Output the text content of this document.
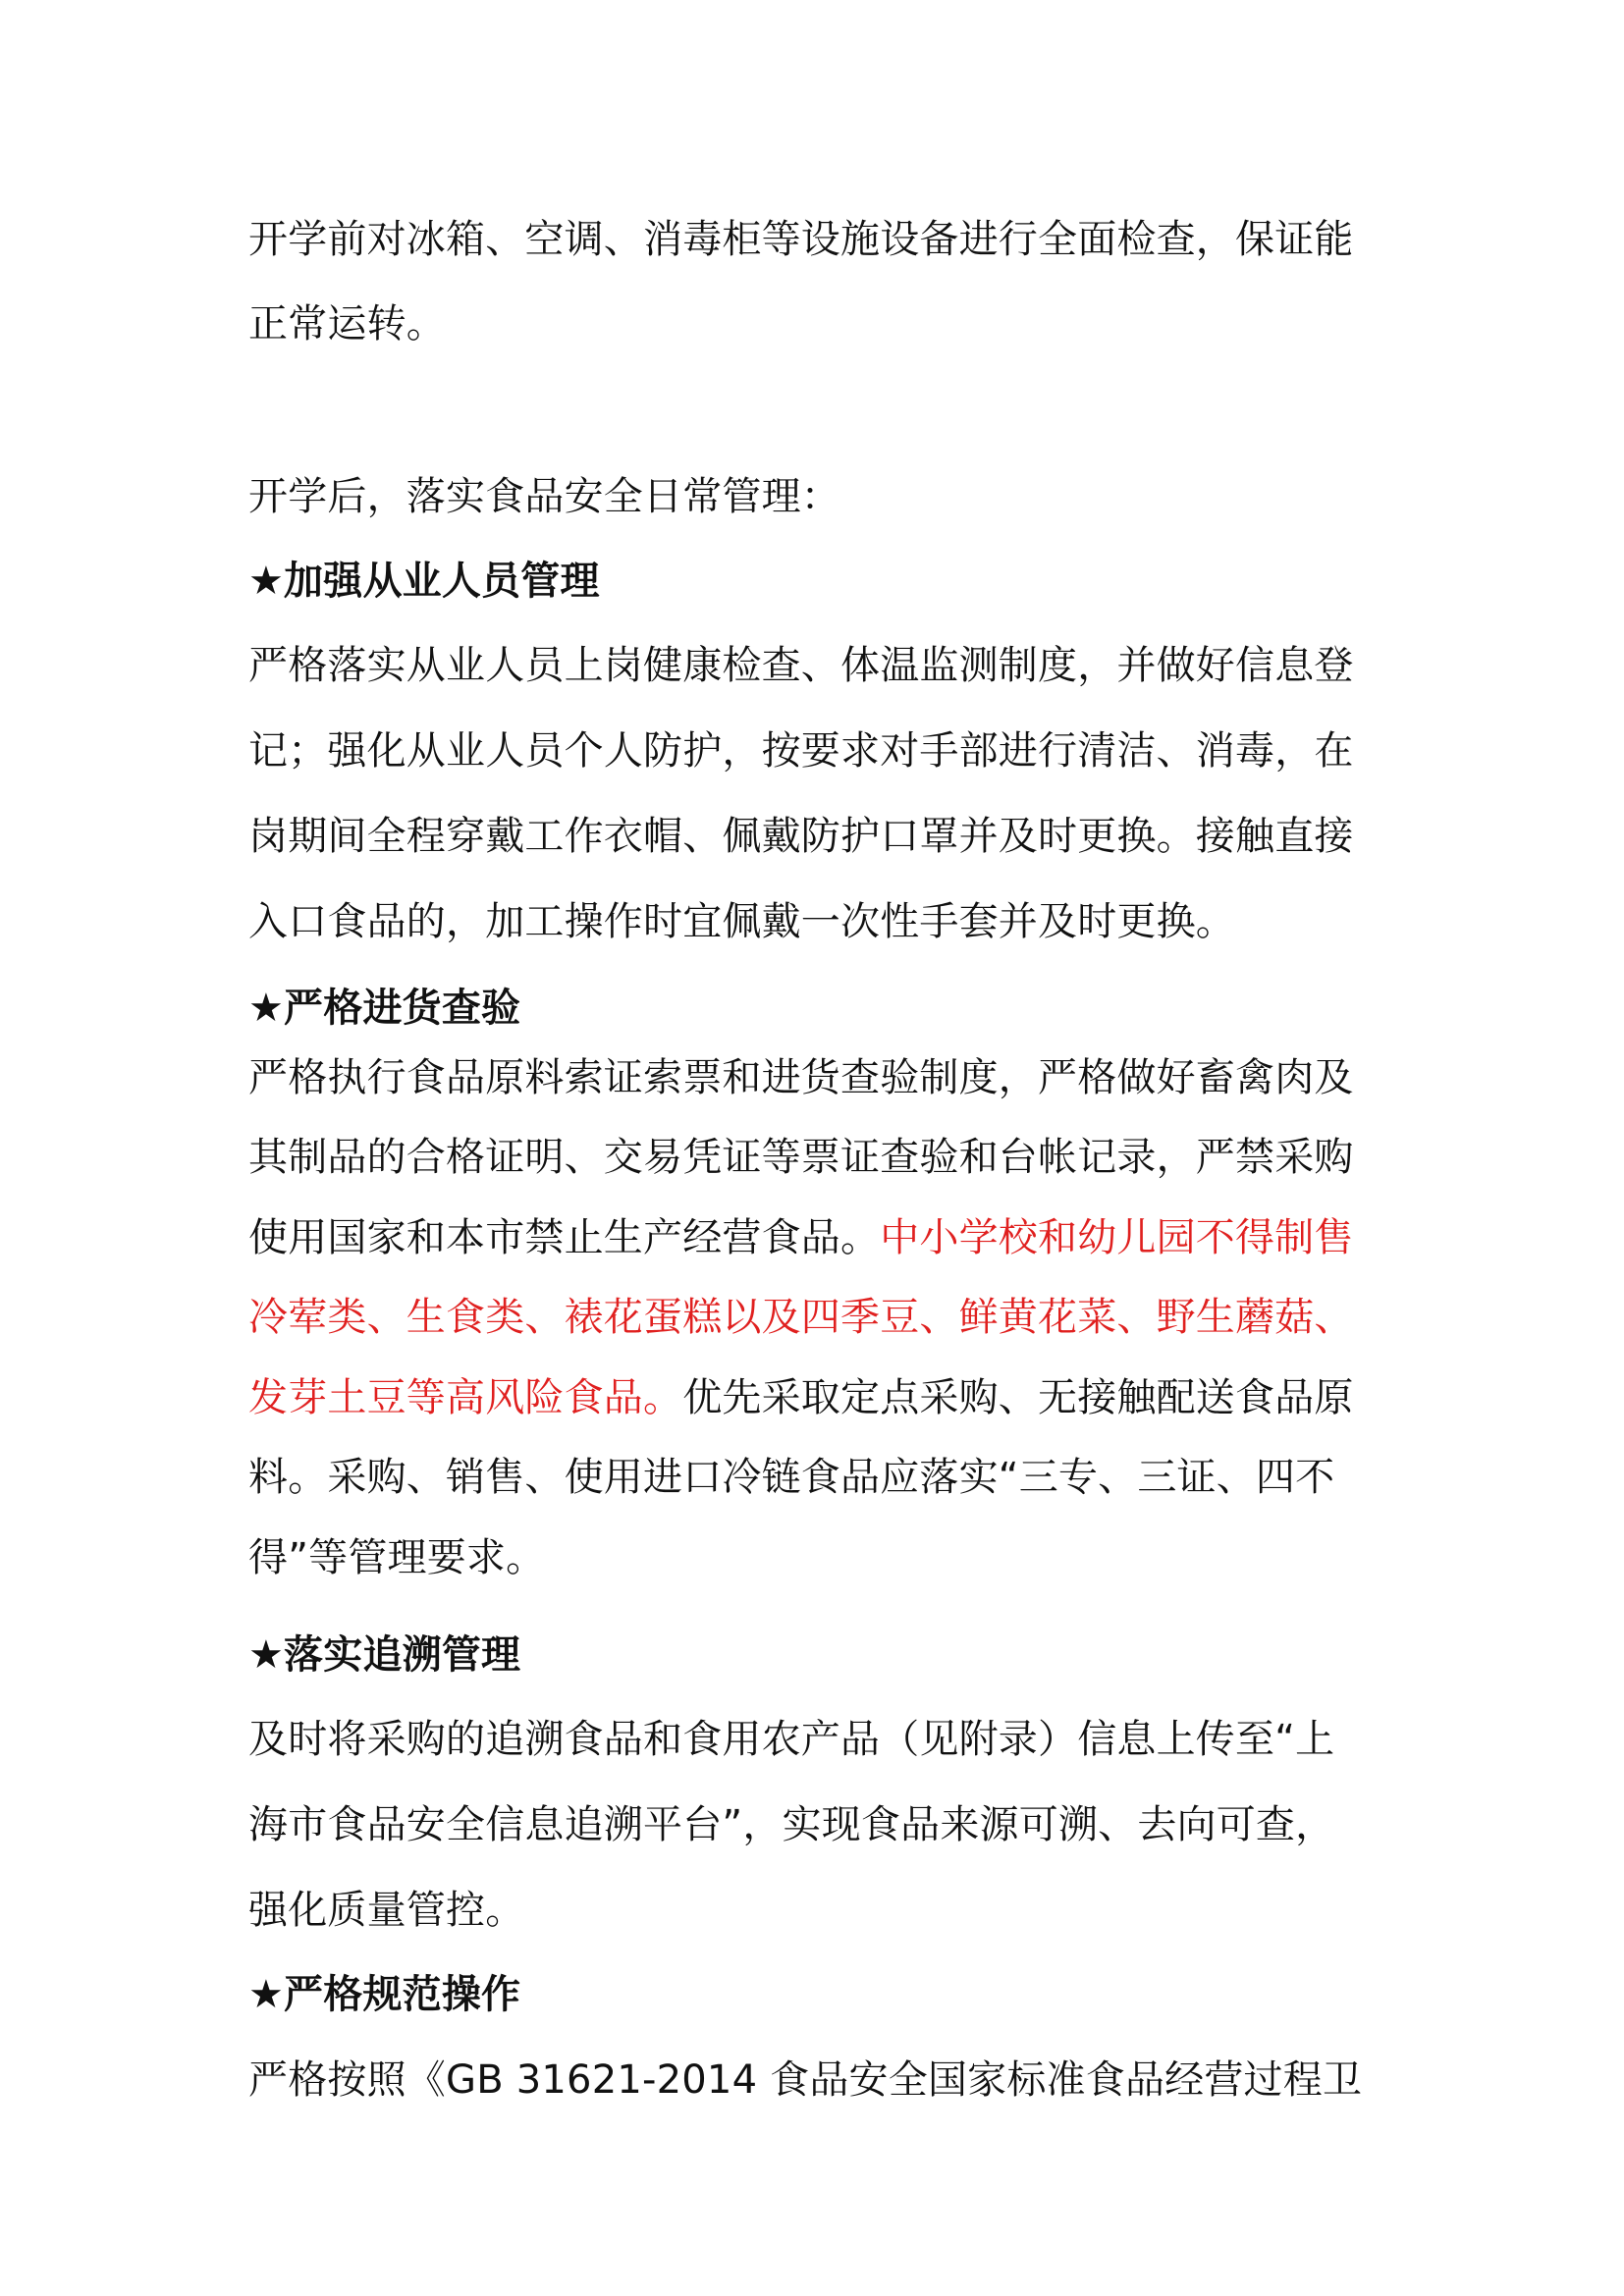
开学前对冰箱、空调、消毒柜等设施设备进行全面检查，保证能
正常运转。
开学后，落实食品安全日常管理：
★加强从业人员管理
严格落实从业人员上岗健康检查、体温监测制度，并做好信息登
记；强化从业人员个人防护，按要求对手部进行清洁、消毒，在
岗期间全程穿戴工作衣帽、佩戴防护口罩并及时更换。接触直接
入口食品的，加工操作时宜佩戴一次性手套并及时更换。
★严格进货查验
严格执行食品原料索证索票和进货查验制度，严格做好畜禽肉及
其制品的合格证明、交易凭证等票证查验和台帐记录，严禁采购
使用国家和本市禁止生产经营食品。中小学校和幼儿园不得制售
冷荤类、生食类、裱花蛋糕以及四季豆、鲜黄花菜、野生蘑菇、
发芽土豆等高风险食品。优先采取定点采购、无接触配送食品原
料。采购、销售、使用进口冷链食品应落实“三专、三证、四不
得”等管理要求。
★落实追溯管理
及时将采购的追溯食品和食用农产品（见附录）信息上传至“上
海市食品安全信息追溯平台”，实现食品来源可溯、去向可查，
强化质量管控。
★严格规范操作
严格按照《GB 31621-2014 食品安全国家标准食品经营过程卫
